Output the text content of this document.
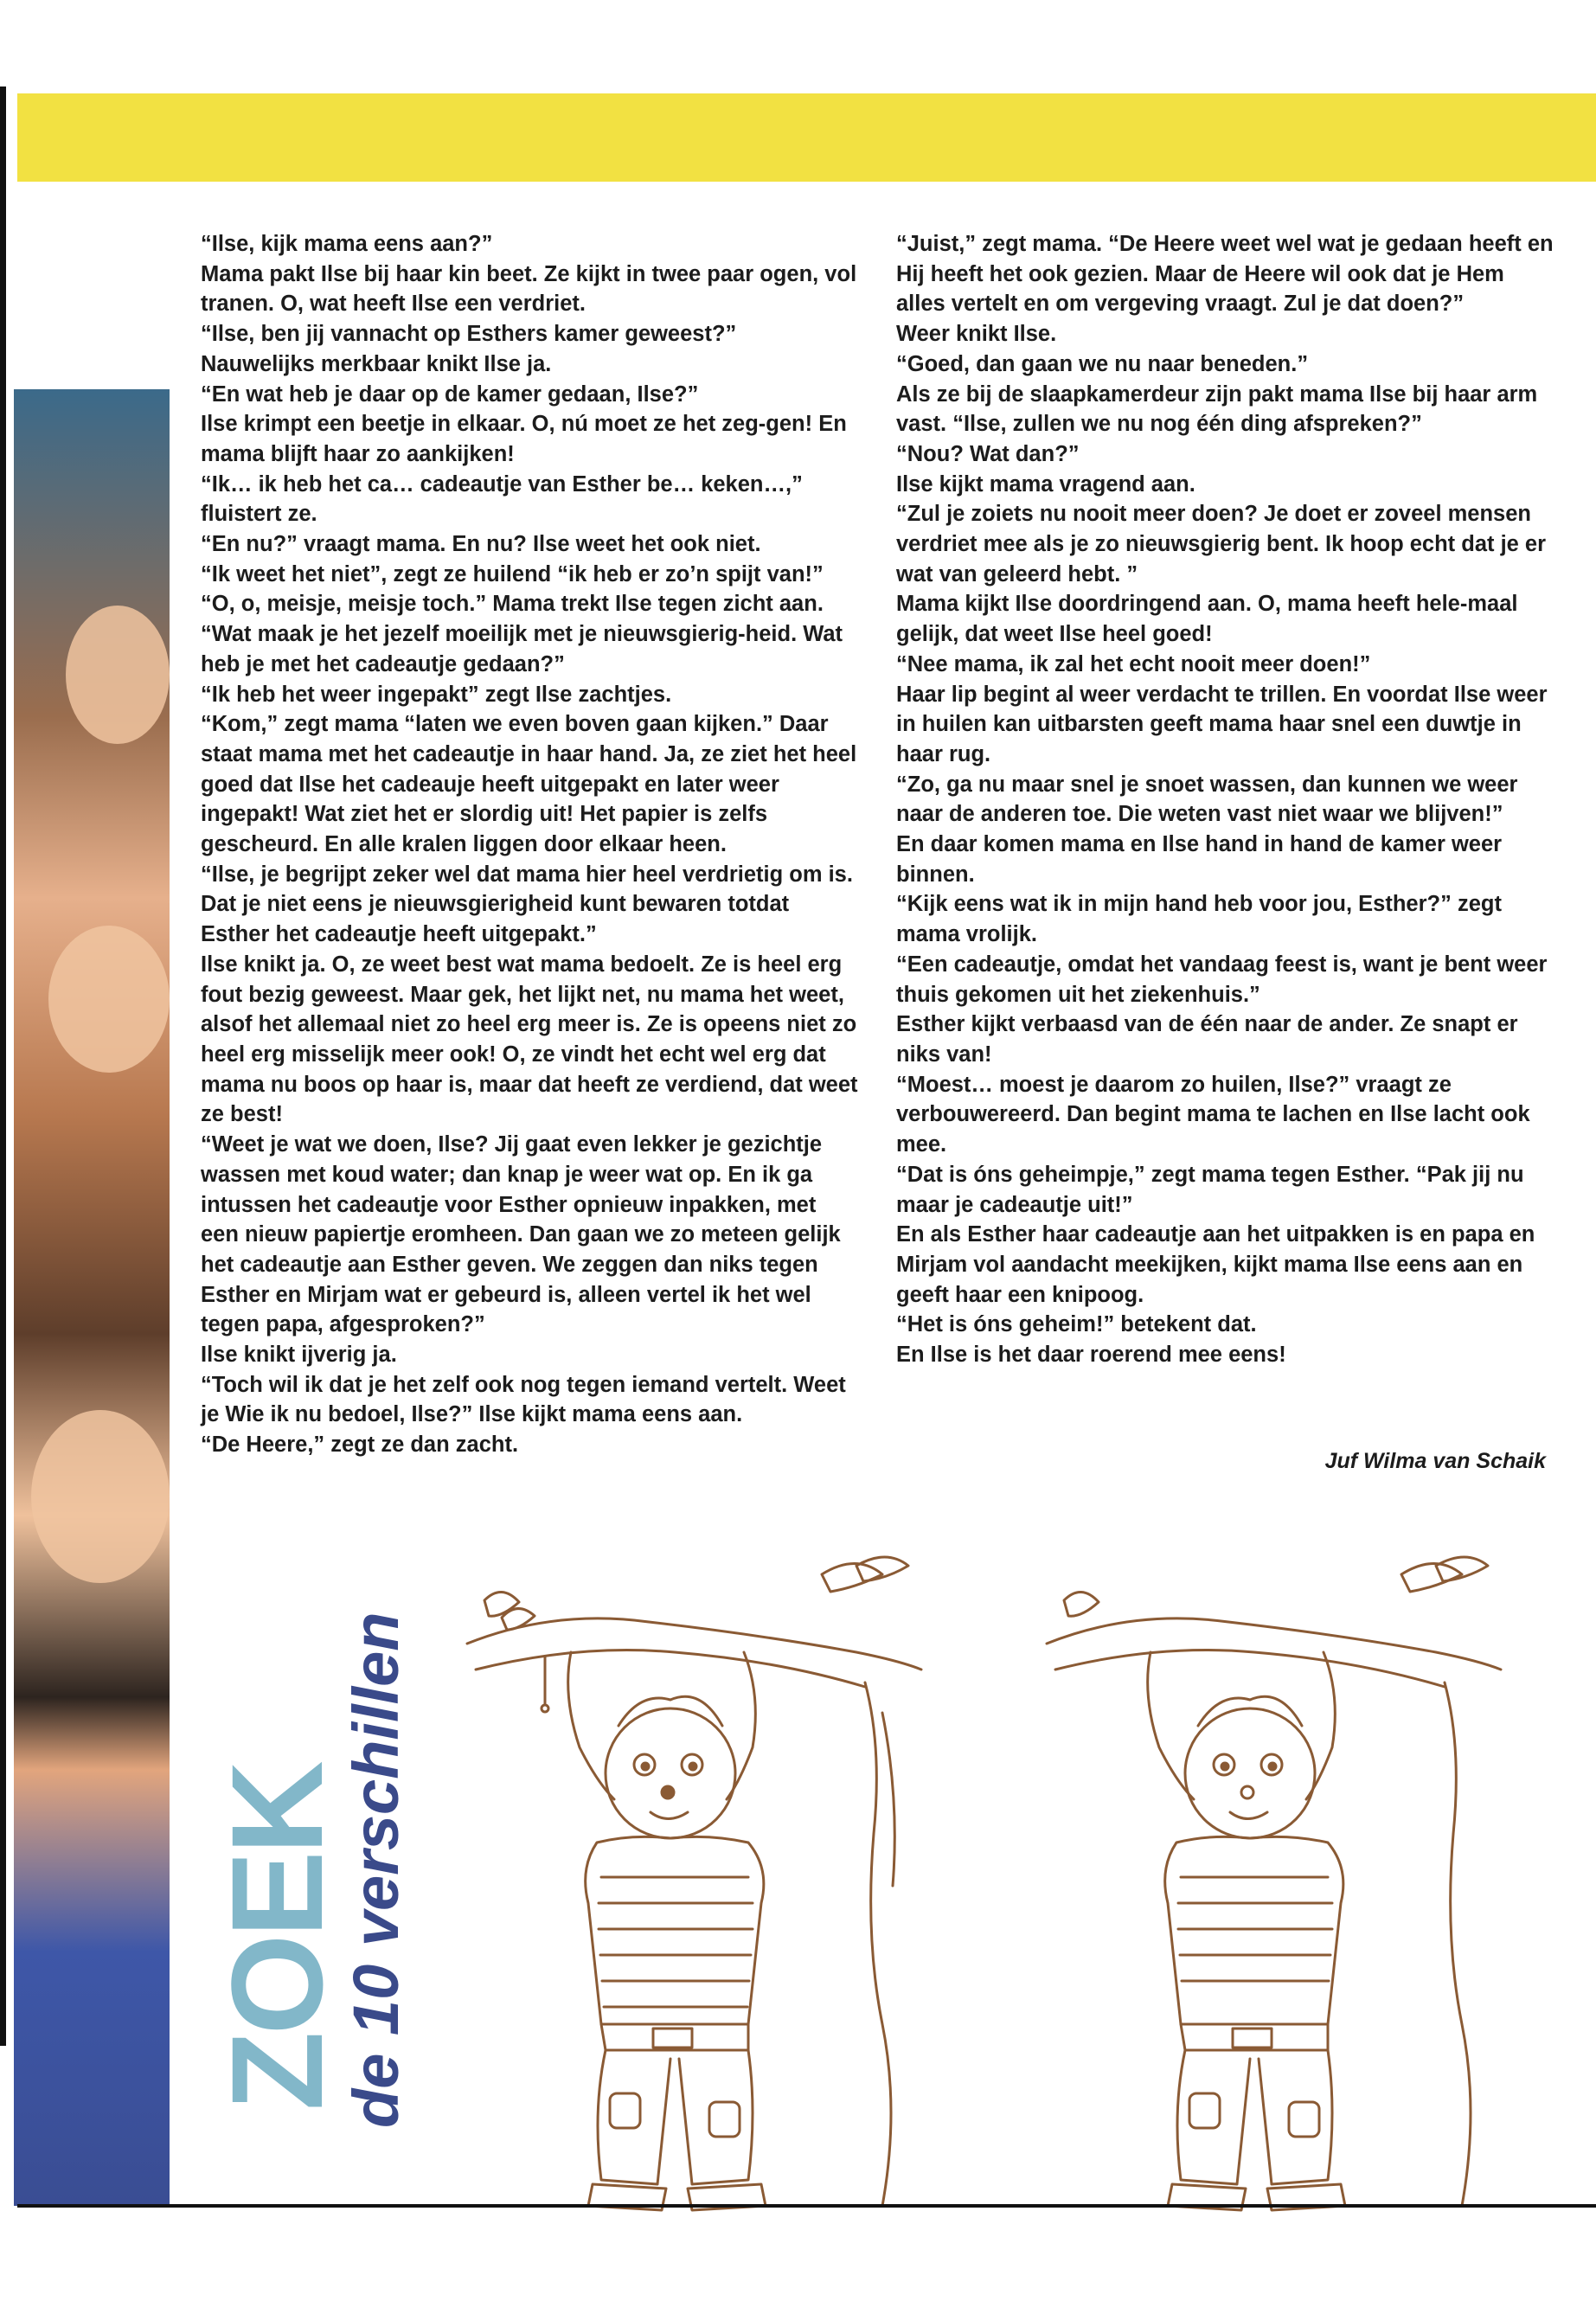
“Ilse, kijk mama eens aan?”

Mama pakt Ilse bij haar kin beet. Ze kijkt in twee paar ogen, vol tranen. O, wat heeft Ilse een verdriet.

“Ilse, ben jij vannacht op Esthers kamer geweest?”

Nauwelijks merkbaar knikt Ilse ja.

“En wat heb je daar op de kamer gedaan, Ilse?”

Ilse krimpt een beetje in elkaar. O, nú moet ze het zeg-gen! En mama blijft haar zo aankijken!

“Ik… ik heb het ca… cadeautje van Esther be… keken…,” fluistert ze.

“En nu?” vraagt mama. En nu? Ilse weet het ook niet.

“Ik weet het niet”, zegt ze huilend “ik heb er zo’n spijt van!”

“O, o, meisje, meisje toch.” Mama trekt Ilse tegen zicht aan. “Wat maak je het jezelf moeilijk met je nieuwsgierig-heid. Wat heb je met het cadeautje gedaan?”

“Ik heb het weer ingepakt” zegt Ilse zachtjes.

“Kom,” zegt mama “laten we even boven gaan kijken.” Daar staat mama met het cadeautje in haar hand. Ja, ze ziet het heel goed dat Ilse het cadeauje heeft uitgepakt en later weer ingepakt! Wat ziet het er slordig uit! Het papier is zelfs gescheurd. En alle kralen liggen door elkaar heen.

“Ilse, je begrijpt zeker wel dat mama hier heel verdrietig om is. Dat je niet eens je nieuwsgierigheid kunt bewaren totdat Esther het cadeautje heeft uitgepakt.”

Ilse knikt ja. O, ze weet best wat mama bedoelt. Ze is heel erg fout bezig geweest. Maar gek, het lijkt net, nu mama het weet, alsof het allemaal niet zo heel erg meer is. Ze is opeens niet zo heel erg misselijk meer ook! O, ze vindt het echt wel erg dat mama nu boos op haar is, maar dat heeft ze verdiend, dat weet ze best!

“Weet je wat we doen, Ilse? Jij gaat even lekker je gezichtje wassen met koud water; dan knap je weer wat op. En ik ga intussen het cadeautje voor Esther opnieuw inpakken, met een nieuw papiertje eromheen. Dan gaan we zo meteen gelijk het cadeautje aan Esther geven. We zeggen dan niks tegen Esther en Mirjam wat er gebeurd is, alleen vertel ik het wel tegen papa, afgesproken?”

Ilse knikt ijverig ja.

“Toch wil ik dat je het zelf ook nog tegen iemand vertelt. Weet je Wie ik nu bedoel, Ilse?” Ilse kijkt mama eens aan.

“De Heere,” zegt ze dan zacht.

“Juist,” zegt mama. “De Heere weet wel wat je gedaan heeft en Hij heeft het ook gezien. Maar de Heere wil ook dat je Hem alles vertelt en om vergeving vraagt. Zul je dat doen?”

Weer knikt Ilse.

“Goed, dan gaan we nu naar beneden.”

Als ze bij de slaapkamerdeur zijn pakt mama Ilse bij haar arm vast. “Ilse, zullen we nu nog één ding afspreken?”

“Nou? Wat dan?”

Ilse kijkt mama vragend aan.

“Zul je zoiets nu nooit meer doen? Je doet er zoveel mensen verdriet mee als je zo nieuwsgierig bent. Ik hoop echt dat je er wat van geleerd hebt. ”

Mama kijkt Ilse doordringend aan. O, mama heeft hele-maal gelijk, dat weet Ilse heel goed!

“Nee mama, ik zal het echt nooit meer doen!”

Haar lip begint al weer verdacht te trillen. En voordat Ilse weer in huilen kan uitbarsten geeft mama haar snel een duwtje in haar rug.

“Zo, ga nu maar snel je snoet wassen, dan kunnen we weer naar de anderen toe. Die weten vast niet waar we blijven!”

En daar komen mama en Ilse hand in hand de kamer weer binnen.

“Kijk eens wat ik in mijn hand heb voor jou, Esther?” zegt mama vrolijk.

“Een cadeautje, omdat het vandaag feest is, want je bent weer thuis gekomen uit het ziekenhuis.”

Esther kijkt verbaasd van de één naar de ander. Ze snapt er niks van!

“Moest… moest je daarom zo huilen, Ilse?” vraagt ze verbouwereerd. Dan begint mama te lachen en Ilse lacht ook mee.

“Dat is óns geheimpje,” zegt mama tegen Esther. “Pak jij nu maar je cadeautje uit!”

En als Esther haar cadeautje aan het uitpakken is en papa en Mirjam vol aandacht meekijken, kijkt mama Ilse eens aan en geeft haar een knipoog.

“Het is óns geheim!” betekent dat.

En Ilse is het daar roerend mee eens!

Juf Wilma van Schaik
ZOEK
de 10 verschillen
